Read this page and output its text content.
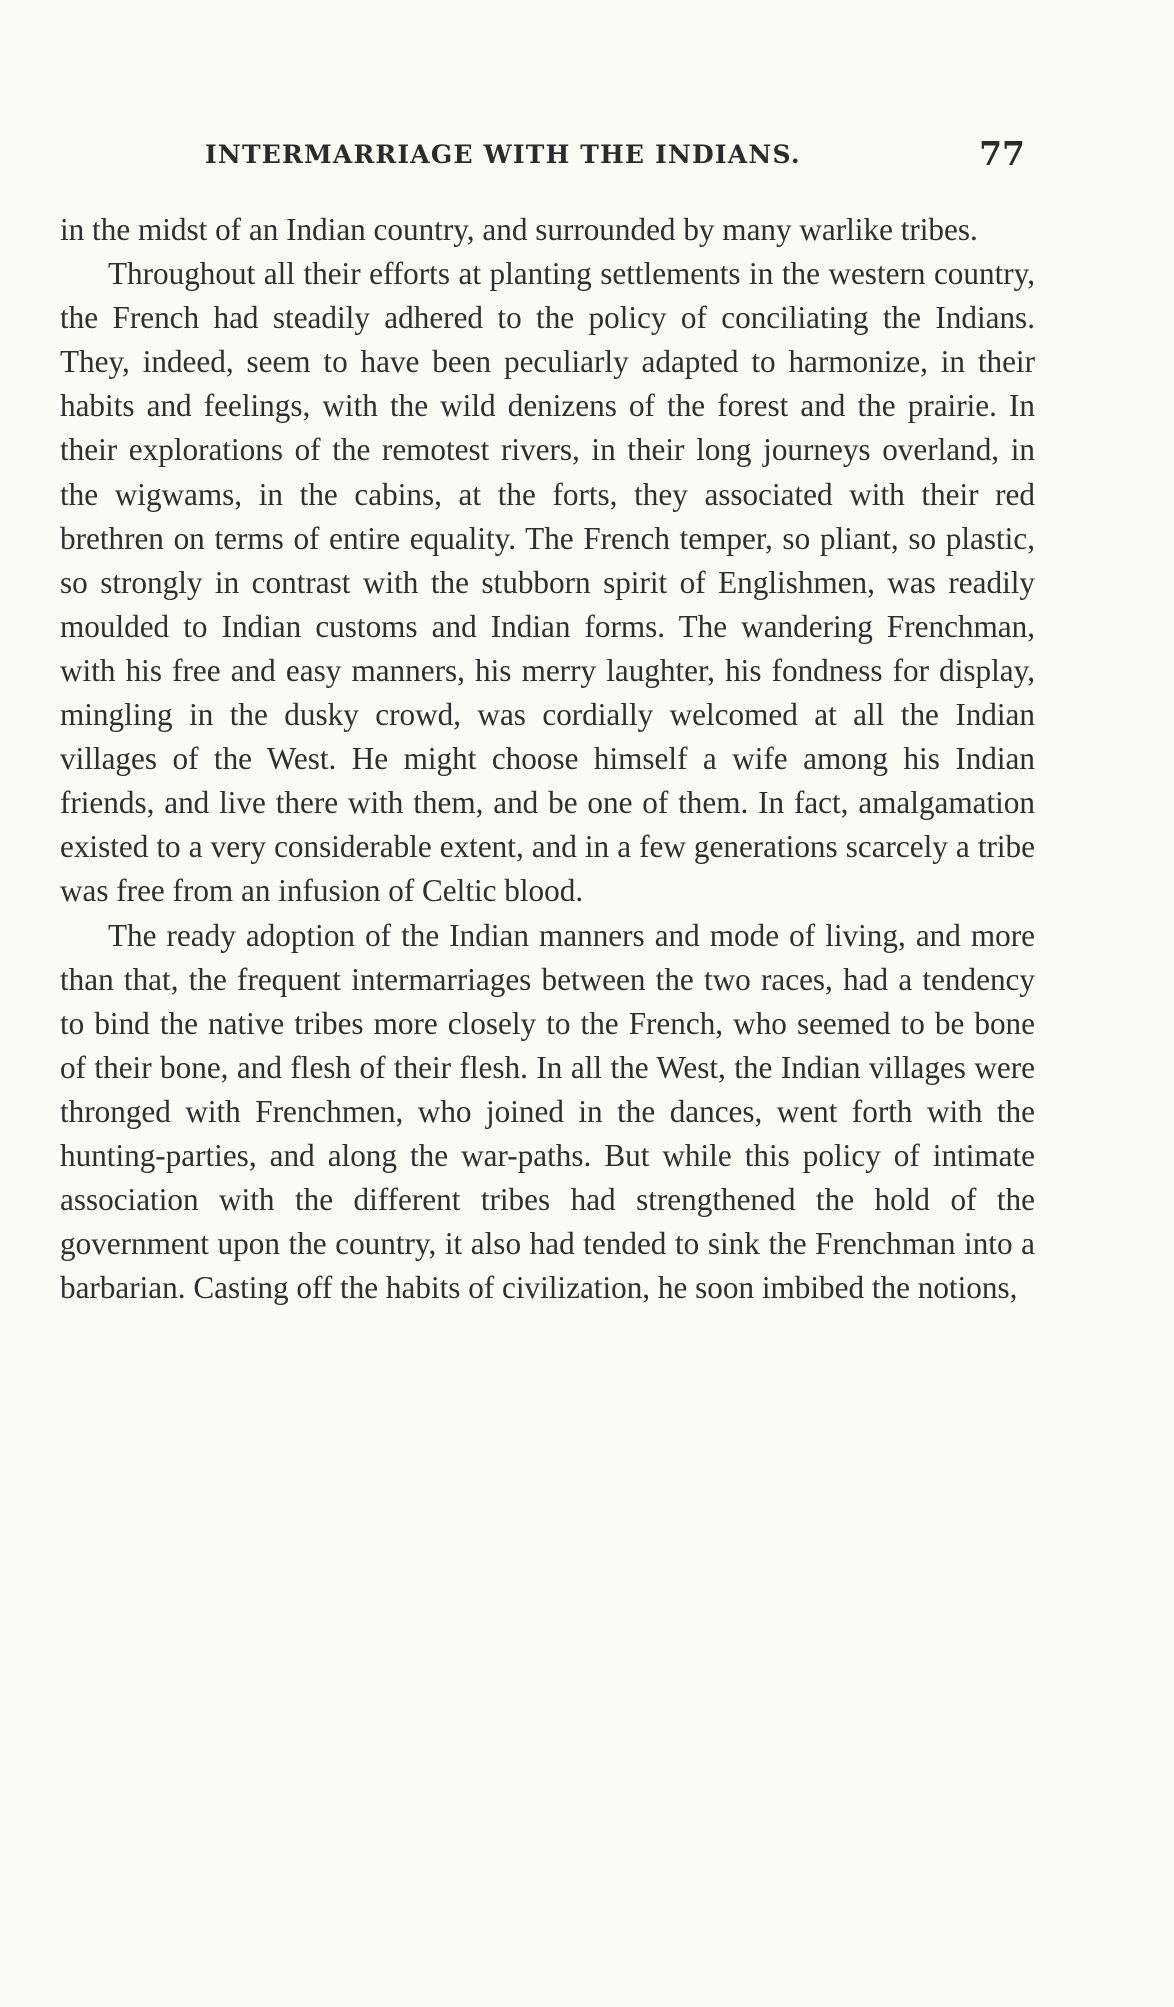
INTERMARRIAGE WITH THE INDIANS.	77

in the midst of an Indian country, and surrounded by many warlike tribes.

Throughout all their efforts at planting settlements in the western country, the French had steadily adhered to the policy of conciliating the Indians. They, indeed, seem to have been peculiarly adapted to harmonize, in their habits and feelings, with the wild denizens of the forest and the prairie. In their explorations of the remotest rivers, in their long journeys overland, in the wigwams, in the cabins, at the forts, they associated with their red brethren on terms of entire equality. The French temper, so pliant, so plastic, so strongly in contrast with the stubborn spirit of Englishmen, was readily moulded to Indian customs and Indian forms. The wandering Frenchman, with his free and easy manners, his merry laughter, his fondness for display, mingling in the dusky crowd, was cordially welcomed at all the Indian villages of the West. He might choose himself a wife among his Indian friends, and live there with them, and be one of them. In fact, amalgamation existed to a very considerable extent, and in a few generations scarcely a tribe was free from an infusion of Celtic blood.

The ready adoption of the Indian manners and mode of living, and more than that, the frequent intermarriages between the two races, had a tendency to bind the native tribes more closely to the French, who seemed to be bone of their bone, and flesh of their flesh. In all the West, the Indian villages were thronged with Frenchmen, who joined in the dances, went forth with the hunting-parties, and along the war-paths. But while this policy of intimate association with the different tribes had strengthened the hold of the government upon the country, it also had tended to sink the Frenchman into a barbarian. Casting off the habits of civilization, he soon imbibed the notions,
